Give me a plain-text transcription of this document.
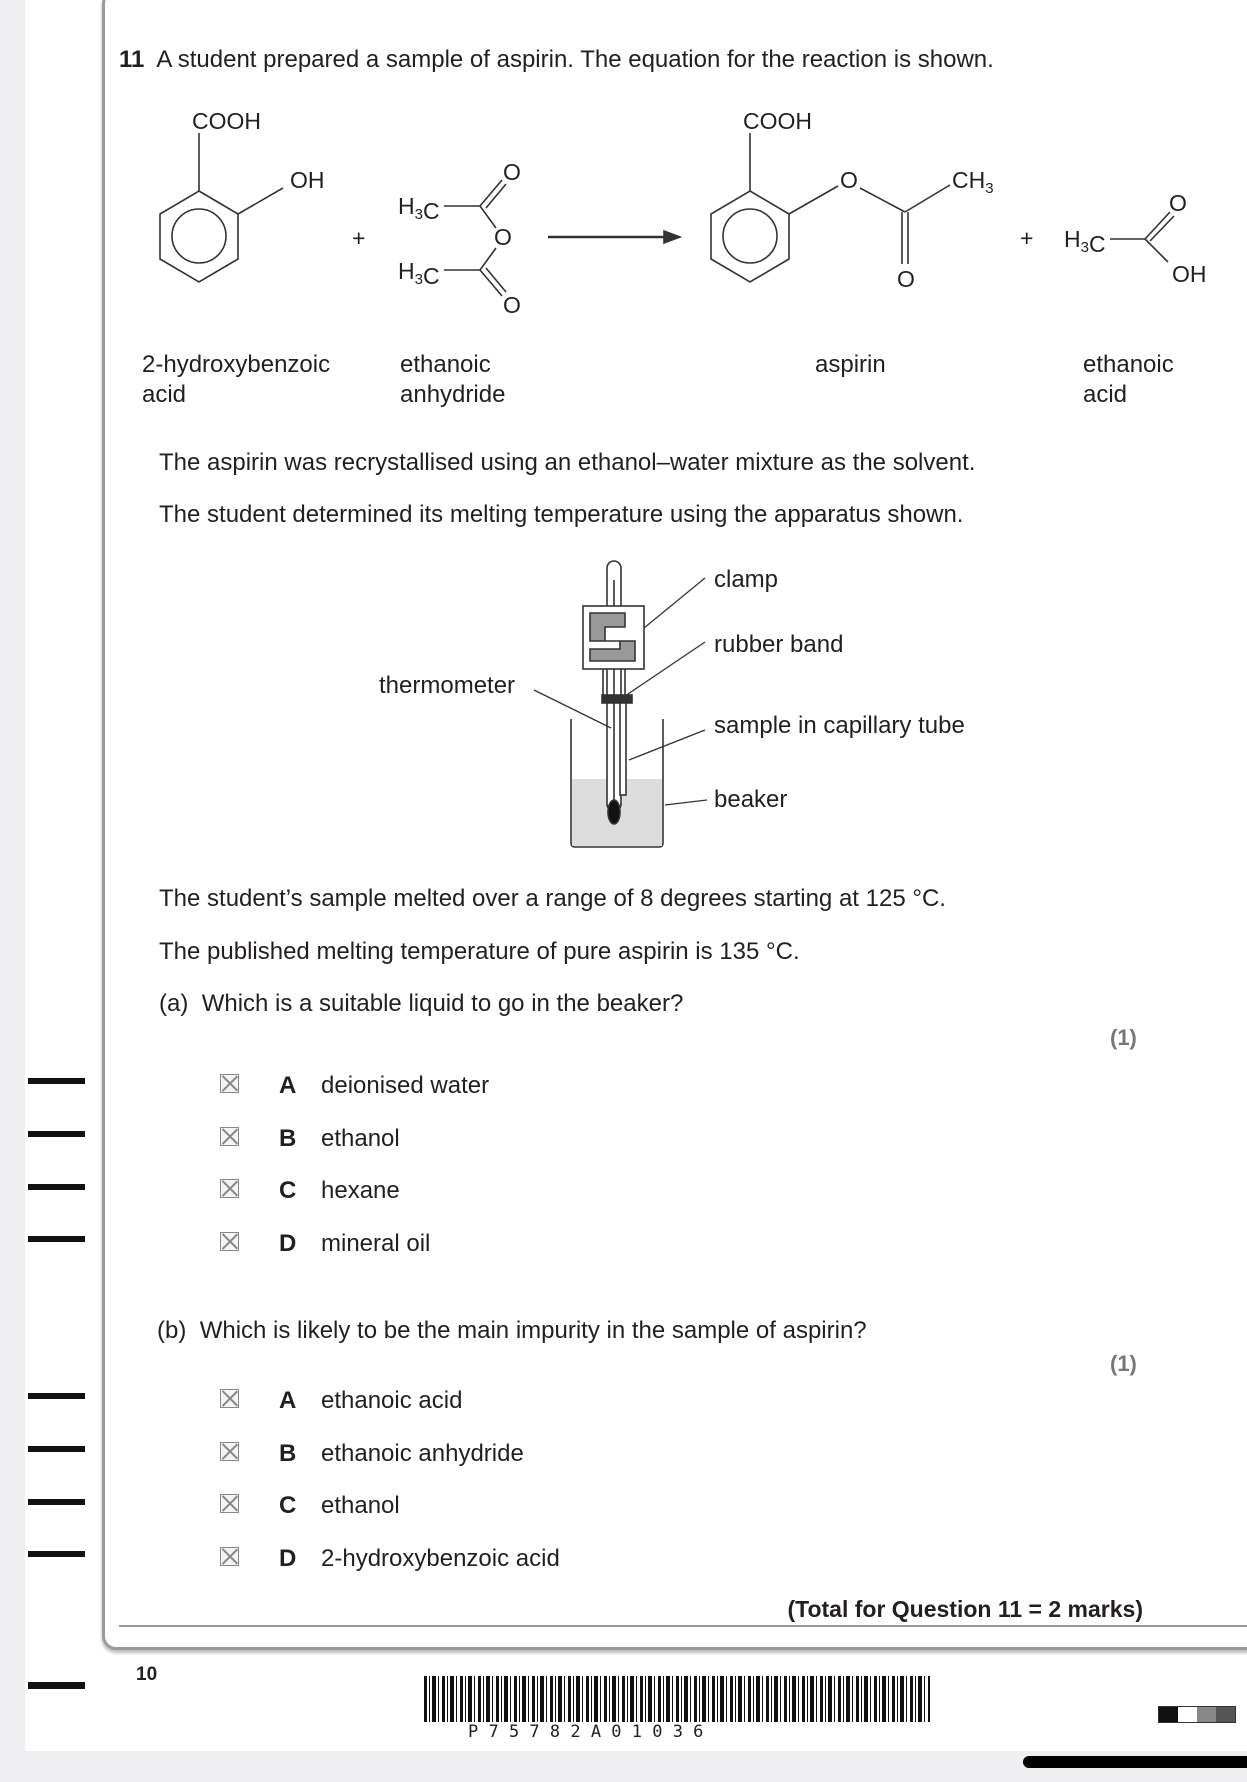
11 A student prepared a sample of aspirin. The equation for the reaction is shown.
COOH
OH
+
$H_3C$
$H_3C$
O
O
O
COOH
O	$CH_3$
O
+ $H_3C$
O
OH
2-hydroxybenzoic
acid
ethanoic
anhydride
aspirin	ethanoic
acid
The aspirin was recrystallised using an ethanol–water mixture as the solvent.
The student determined its melting temperature using the apparatus shown.
clamp
rubber band
thermometer
sample in capillary tube
beaker
The student’s sample melted over a range of 8 degrees starting at 125 °C.
The published melting temperature of pure aspirin is 135 °C.
(a) Which is a suitable liquid to go in the beaker?
(1)
A deionised water
B ethanol
C hexane
D mineral oil
(b) Which is likely to be the main impurity in the sample of aspirin?
(1)
A ethanoic acid
B ethanoic anhydride
C ethanol
D 2-hydroxybenzoic acid
(Total for Question 11 = 2 marks)
10
P 7 5 7 8 2 A 0 1 0 3 6
